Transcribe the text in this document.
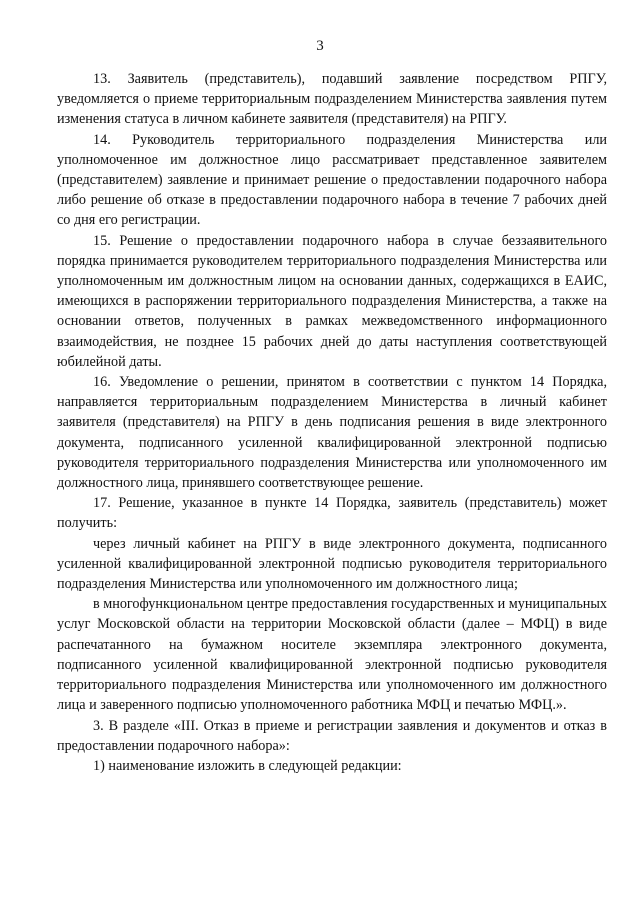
3

13. Заявитель (представитель), подавший заявление посредством РПГУ, уведомляется о приеме территориальным подразделением Министерства заявления путем изменения статуса в личном кабинете заявителя (представителя) на РПГУ.

14. Руководитель территориального подразделения Министерства или уполномоченное им должностное лицо рассматривает представленное заявителем (представителем) заявление и принимает решение о предоставлении подарочного набора либо решение об отказе в предоставлении подарочного набора в течение 7 рабочих дней со дня его регистрации.

15. Решение о предоставлении подарочного набора в случае беззаявительного порядка принимается руководителем территориального подразделения Министерства или уполномоченным им должностным лицом на основании данных, содержащихся в ЕАИС, имеющихся в распоряжении территориального подразделения Министерства, а также на основании ответов, полученных в рамках межведомственного информационного взаимодействия, не позднее 15 рабочих дней до даты наступления соответствующей юбилейной даты.

16. Уведомление о решении, принятом в соответствии с пунктом 14 Порядка, направляется территориальным подразделением Министерства в личный кабинет заявителя (представителя) на РПГУ в день подписания решения в виде электронного документа, подписанного усиленной квалифицированной электронной подписью руководителя территориального подразделения Министерства или уполномоченного им должностного лица, принявшего соответствующее решение.

17. Решение, указанное в пункте 14 Порядка, заявитель (представитель) может получить:

через личный кабинет на РПГУ в виде электронного документа, подписанного усиленной квалифицированной электронной подписью руководителя территориального подразделения Министерства или уполномоченного им должностного лица;

в многофункциональном центре предоставления государственных и муниципальных услуг Московской области на территории Московской области (далее – МФЦ) в виде распечатанного на бумажном носителе экземпляра электронного документа, подписанного усиленной квалифицированной электронной подписью руководителя территориального подразделения Министерства или уполномоченного им должностного лица и заверенного подписью уполномоченного работника МФЦ и печатью МФЦ.».

3. В разделе «III. Отказ в приеме и регистрации заявления и документов и отказ в предоставлении подарочного набора»:

1) наименование изложить в следующей редакции:
